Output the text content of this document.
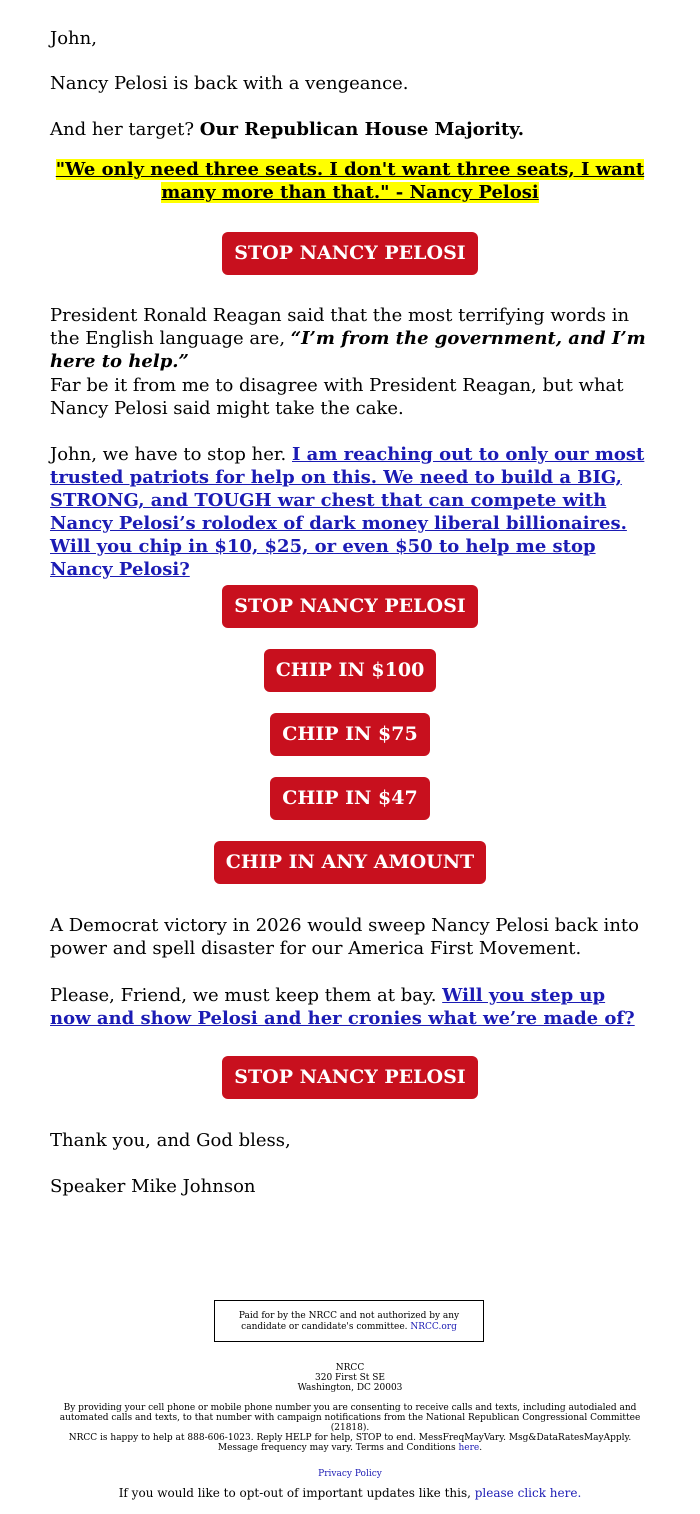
John,

Nancy Pelosi is back with a vengeance.

And her target? Our Republican House Majority.

"We only need three seats. I don't want three seats, I want many more than that." - Nancy Pelosi

STOP NANCY PELOSI

President Ronald Reagan said that the most terrifying words in the English language are, “I’m from the government, and I’m here to help.”

Far be it from me to disagree with President Reagan, but what Nancy Pelosi said might take the cake.

John, we have to stop her. I am reaching out to only our most trusted patriots for help on this. We need to build a BIG, STRONG, and TOUGH war chest that can compete with Nancy Pelosi’s rolodex of dark money liberal billionaires. Will you chip in $10, $25, or even $50 to help me stop Nancy Pelosi?

STOP NANCY PELOSI
CHIP IN $100
CHIP IN $75
CHIP IN $47
CHIP IN ANY AMOUNT

A Democrat victory in 2026 would sweep Nancy Pelosi back into power and spell disaster for our America First Movement.

Please, Friend, we must keep them at bay. Will you step up now and show Pelosi and her cronies what we’re made of?

STOP NANCY PELOSI

Thank you, and God bless,

Speaker Mike Johnson

Paid for by the NRCC and not authorized by any candidate or candidate's committee. NRCC.org
NRCC
320 First St SE
Washington, DC 20003
By providing your cell phone or mobile phone number you are consenting to receive calls and texts, including autodialed and automated calls and texts, to that number with campaign notifications from the National Republican Congressional Committee (21818).
NRCC is happy to help at 888-606-1023. Reply HELP for help, STOP to end. MessFreqMayVary. Msg&DataRatesMayApply. Message frequency may vary. Terms and Conditions here.
Privacy Policy
If you would like to opt-out of important updates like this, please click here.
